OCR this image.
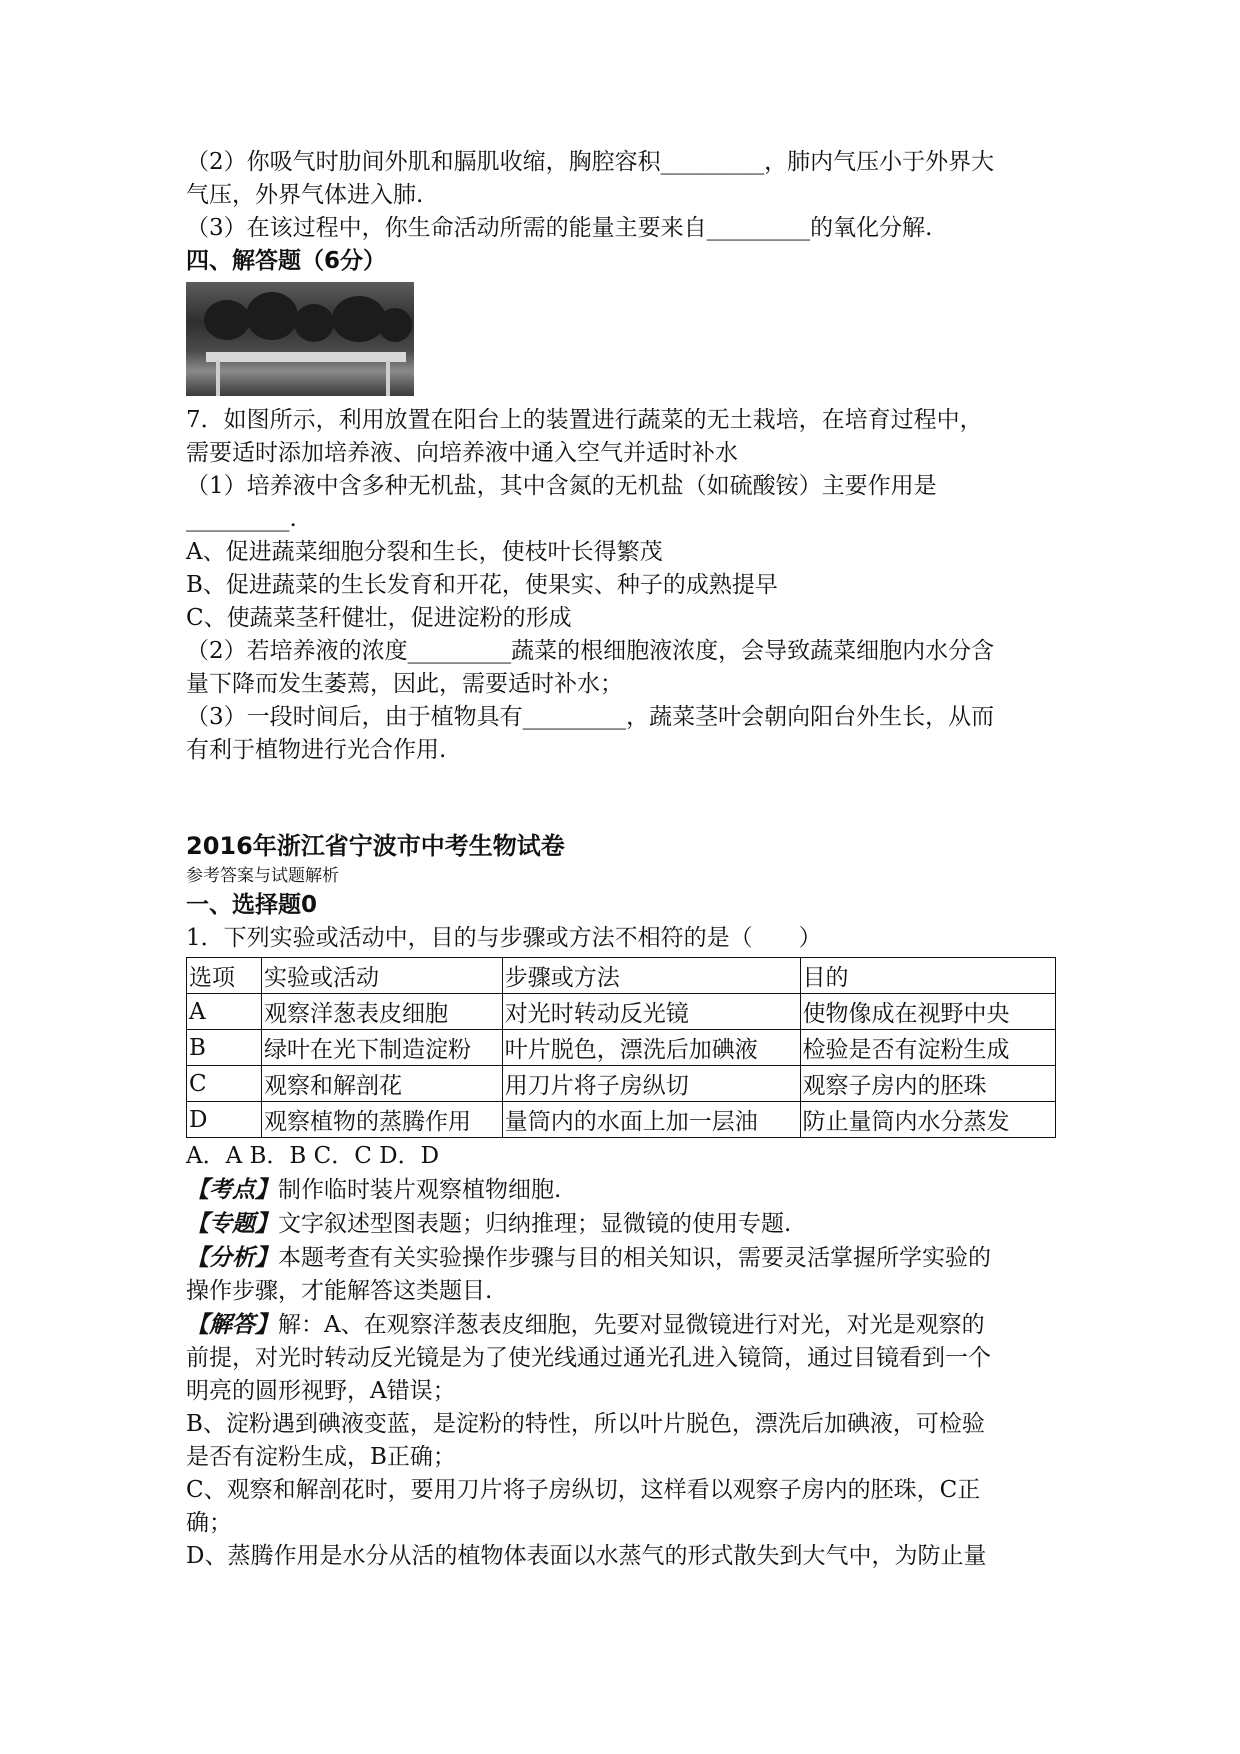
（2）你吸气时肋间外肌和膈肌收缩，胸腔容积_________，肺内气压小于外界大

气压，外界气体进入肺.

（3）在该过程中，你生命活动所需的能量主要来自_________的氧化分解.

四、解答题（6分）

7．如图所示，利用放置在阳台上的装置进行蔬菜的无土栽培，在培育过程中，

需要适时添加培养液、向培养液中通入空气并适时补水

（1）培养液中含多种无机盐，其中含氮的无机盐（如硫酸铵）主要作用是

_________.

A、促进蔬菜细胞分裂和生长，使枝叶长得繁茂

B、促进蔬菜的生长发育和开花，使果实、种子的成熟提早

C、使蔬菜茎秆健壮，促进淀粉的形成

（2）若培养液的浓度_________蔬菜的根细胞液浓度，会导致蔬菜细胞内水分含

量下降而发生萎蔫，因此，需要适时补水；

（3）一段时间后，由于植物具有_________，蔬菜茎叶会朝向阳台外生长，从而

有利于植物进行光合作用.

2016年浙江省宁波市中考生物试卷

参考答案与试题解析

一、选择题0

1．下列实验或活动中，目的与步骤或方法不相符的是（　　）

选项	实验或活动	步骤或方法	目的
A	观察洋葱表皮细胞	对光时转动反光镜	使物像成在视野中央
B	绿叶在光下制造淀粉	叶片脱色，漂洗后加碘液	检验是否有淀粉生成
C	观察和解剖花	用刀片将子房纵切	观察子房内的胚珠
D	观察植物的蒸腾作用	量筒内的水面上加一层油	防止量筒内水分蒸发

A．A B．B C．C D．D

【考点】制作临时装片观察植物细胞.

【专题】文字叙述型图表题；归纳推理；显微镜的使用专题.

【分析】本题考查有关实验操作步骤与目的相关知识，需要灵活掌握所学实验的

操作步骤，才能解答这类题目.

【解答】解：A、在观察洋葱表皮细胞，先要对显微镜进行对光，对光是观察的

前提，对光时转动反光镜是为了使光线通过通光孔进入镜筒，通过目镜看到一个

明亮的圆形视野，A错误；

B、淀粉遇到碘液变蓝，是淀粉的特性，所以叶片脱色，漂洗后加碘液，可检验

是否有淀粉生成，B正确；

C、观察和解剖花时，要用刀片将子房纵切，这样看以观察子房内的胚珠，C正

确；

D、蒸腾作用是水分从活的植物体表面以水蒸气的形式散失到大气中，为防止量
